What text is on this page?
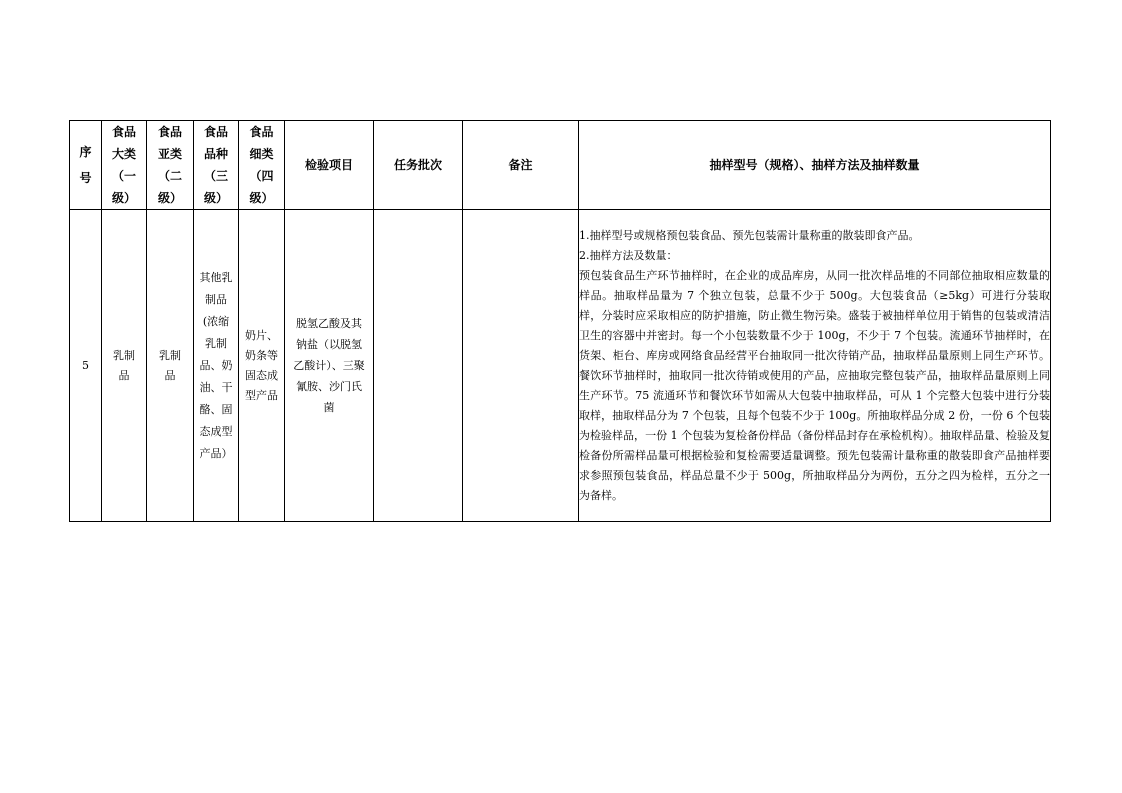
序号	食品大类（一级）	食品亚类（二级）	食品品种（三级）	食品细类（四级）	检验项目	任务批次	备注	抽样型号（规格）、抽样方法及抽样数量
5	乳制品	乳制品	其他乳制品(浓缩乳制品、奶油、干酪、固态成型产品）	奶片、奶条等固态成型产品	脱氢乙酸及其钠盐（以脱氢乙酸计）、三聚氰胺、沙门氏菌			1.抽样型号或规格预包装食品、预先包装需计量称重的散装即食产品。

2.抽样方法及数量：

预包装食品生产环节抽样时，在企业的成品库房，从同一批次样品堆的不同部位抽取相应数量的样品。抽取样品量为 7 个独立包装，总量不少于 500g。大包装食品（≥5kg）可进行分装取样，分装时应采取相应的防护措施，防止微生物污染。盛装于被抽样单位用于销售的包装或清洁卫生的容器中并密封。每一个小包装数量不少于 100g，不少于 7 个包装。流通环节抽样时，在货架、柜台、库房或网络食品经营平台抽取同一批次待销产品，抽取样品量原则上同生产环节。餐饮环节抽样时，抽取同一批次待销或使用的产品，应抽取完整包装产品，抽取样品量原则上同生产环节。75 流通环节和餐饮环节如需从大包装中抽取样品，可从 1 个完整大包装中进行分装取样，抽取样品分为 7 个包装，且每个包装不少于 100g。所抽取样品分成 2 份，一份 6 个包装为检验样品，一份 1 个包装为复检备份样品（备份样品封存在承检机构）。抽取样品量、检验及复检备份所需样品量可根据检验和复检需要适量调整。预先包装需计量称重的散装即食产品抽样要求参照预包装食品，样品总量不少于 500g，所抽取样品分为两份，五分之四为检样，五分之一为备样。
